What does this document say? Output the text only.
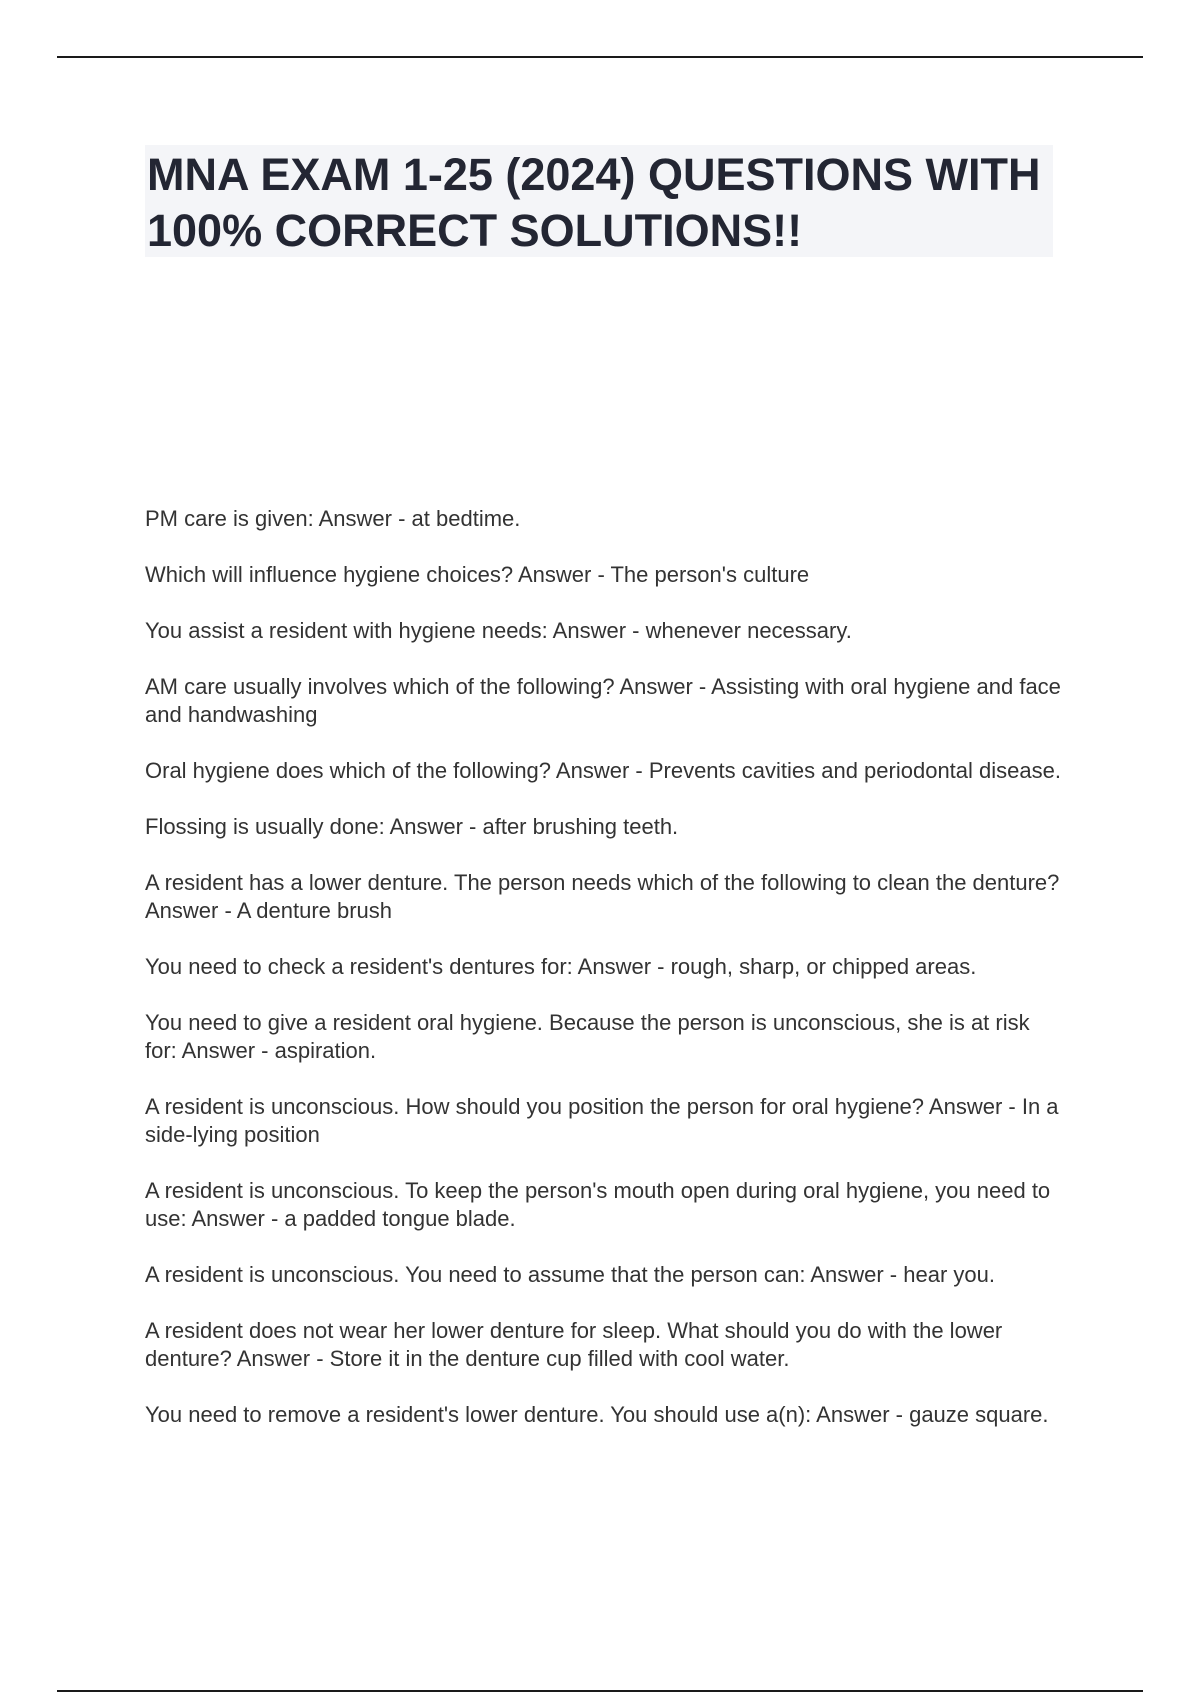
MNA EXAM 1-25 (2024) QUESTIONS WITH 100% CORRECT SOLUTIONS!!
PM care is given: Answer - at bedtime.
Which will influence hygiene choices? Answer - The person's culture
You assist a resident with hygiene needs: Answer - whenever necessary.
AM care usually involves which of the following? Answer - Assisting with oral hygiene and face and handwashing
Oral hygiene does which of the following? Answer - Prevents cavities and periodontal disease.
Flossing is usually done: Answer - after brushing teeth.
A resident has a lower denture. The person needs which of the following to clean the denture? Answer - A denture brush
You need to check a resident's dentures for: Answer - rough, sharp, or chipped areas.
You need to give a resident oral hygiene. Because the person is unconscious, she is at risk for: Answer - aspiration.
A resident is unconscious. How should you position the person for oral hygiene? Answer - In a side-lying position
A resident is unconscious. To keep the person's mouth open during oral hygiene, you need to use: Answer - a padded tongue blade.
A resident is unconscious. You need to assume that the person can: Answer - hear you.
A resident does not wear her lower denture for sleep. What should you do with the lower denture? Answer - Store it in the denture cup filled with cool water.
You need to remove a resident's lower denture. You should use a(n): Answer - gauze square.
